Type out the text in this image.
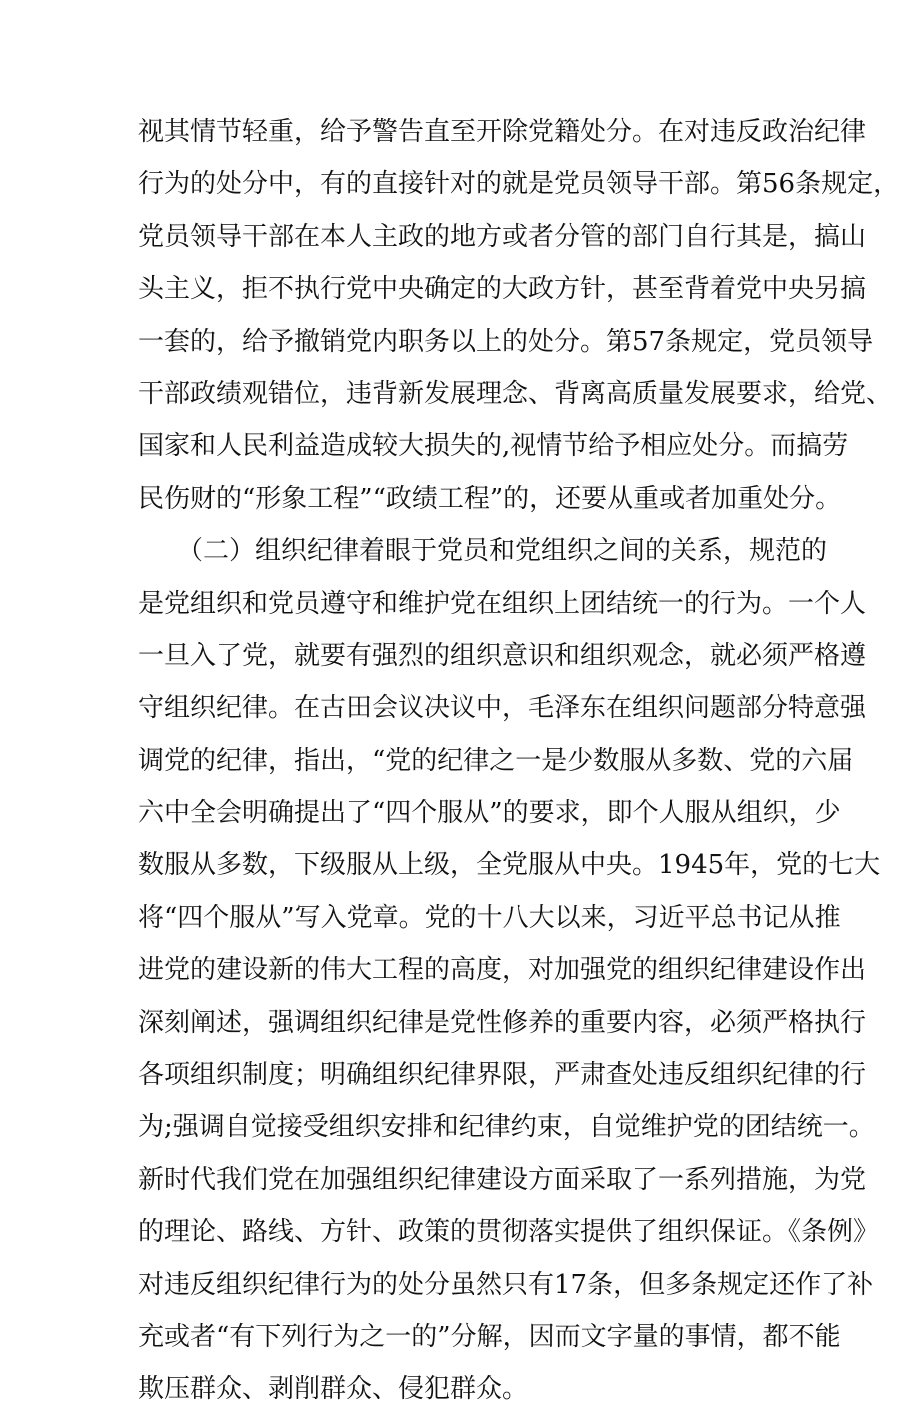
视其情节轻重，给予警告直至开除党籍处分。在对违反政治纪律
行为的处分中，有的直接针对的就是党员领导干部。第56条规定，
党员领导干部在本人主政的地方或者分管的部门自行其是，搞山
头主义，拒不执行党中央确定的大政方针，甚至背着党中央另搞
一套的，给予撤销党内职务以上的处分。第57条规定，党员领导
干部政绩观错位，违背新发展理念、背离高质量发展要求，给党、
国家和人民利益造成较大损失的,视情节给予相应处分。而搞劳
民伤财的“形象工程”“政绩工程”的，还要从重或者加重处分。
　　（二）组织纪律着眼于党员和党组织之间的关系，规范的
是党组织和党员遵守和维护党在组织上团结统一的行为。一个人
一旦入了党，就要有强烈的组织意识和组织观念，就必须严格遵
守组织纪律。在古田会议决议中，毛泽东在组织问题部分特意强
调党的纪律，指出，“党的纪律之一是少数服从多数、党的六届
六中全会明确提出了“四个服从”的要求，即个人服从组织，少
数服从多数，下级服从上级，全党服从中央。1945年，党的七大
将“四个服从”写入党章。党的十八大以来，习近平总书记从推
进党的建设新的伟大工程的高度，对加强党的组织纪律建设作出
深刻阐述，强调组织纪律是党性修养的重要内容，必须严格执行
各项组织制度；明确组织纪律界限，严肃查处违反组织纪律的行
为;强调自觉接受组织安排和纪律约束，自觉维护党的团结统一。
新时代我们党在加强组织纪律建设方面采取了一系列措施，为党
的理论、路线、方针、政策的贯彻落实提供了组织保证。《条例》
对违反组织纪律行为的处分虽然只有17条，但多条规定还作了补
充或者“有下列行为之一的”分解，因而文字量的事情，都不能
欺压群众、剥削群众、侵犯群众。
